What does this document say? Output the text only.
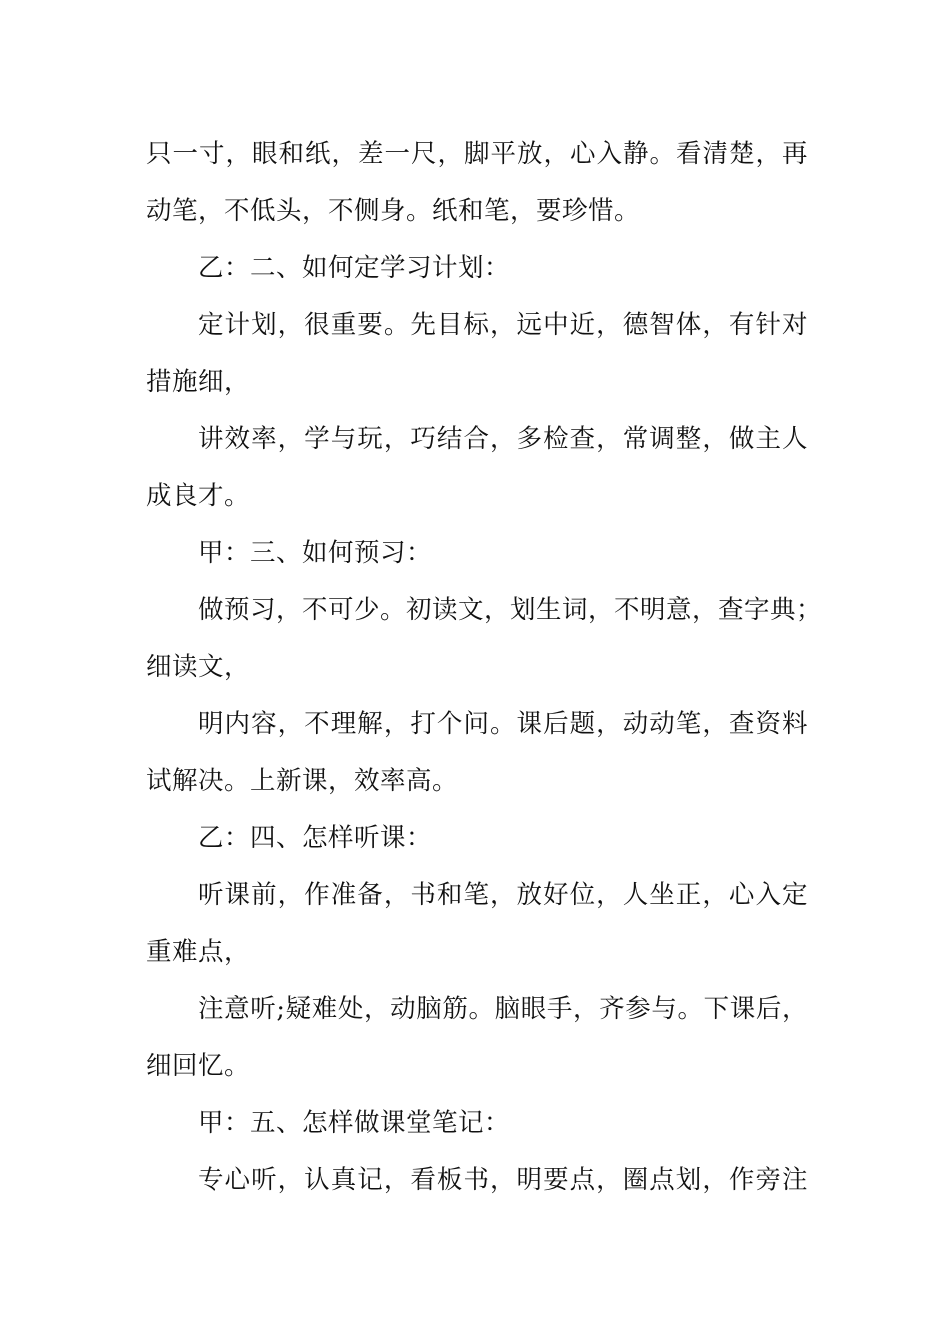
只一寸，眼和纸，差一尺，脚平放，心入静。看清楚，再
动笔，不低头，不侧身。纸和笔，要珍惜。
乙：二、如何定学习计划：
定计划，很重要。先目标，远中近，德智体，有针对
措施细，
讲效率，学与玩，巧结合，多检查，常调整，做主人
成良才。
甲：三、如何预习：
做预习，不可少。初读文，划生词，不明意，查字典；
细读文，
明内容，不理解，打个问。课后题，动动笔，查资料
试解决。上新课，效率高。
乙：四、怎样听课：
听课前，作准备，书和笔，放好位，人坐正，心入定
重难点，
注意听;疑难处，动脑筋。脑眼手，齐参与。下课后，
细回忆。
甲：五、怎样做课堂笔记：
专心听，认真记，看板书，明要点，圈点划，作旁注
